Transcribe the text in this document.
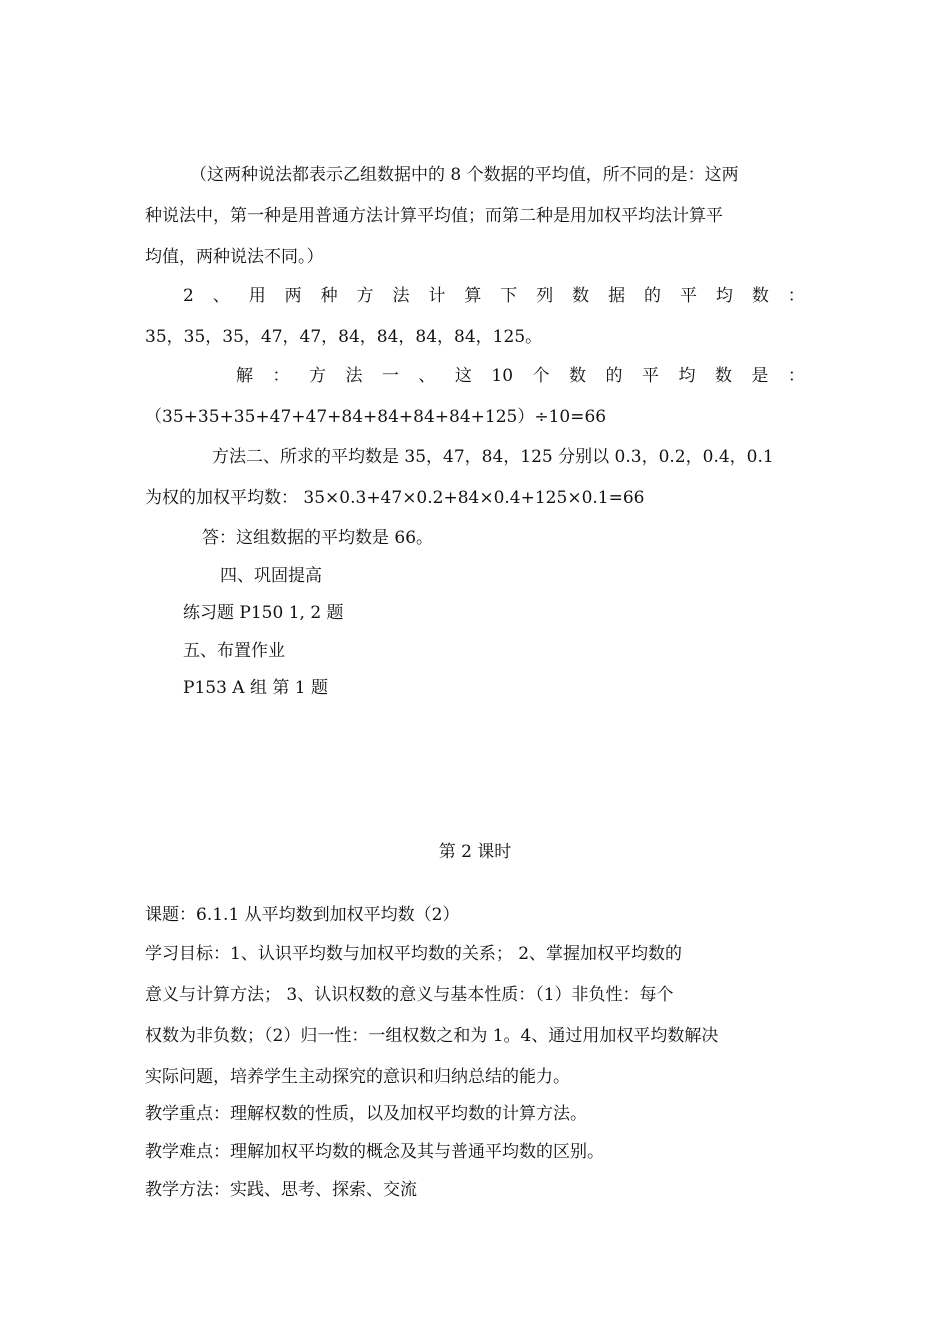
（这两种说法都表示乙组数据中的 8 个数据的平均值，所不同的是：这两
种说法中，第一种是用普通方法计算平均值；而第二种是用加权平均法计算平
均值，两种说法不同。）
2 、 用 两 种 方 法 计 算 下 列 数 据 的 平 均 数 ：
35，35，35，47，47，84，84，84，84，125。
解 ： 方 法 一 、 这 10 个 数 的 平 均 数 是 ：
（35+35+35+47+47+84+84+84+84+125）÷10=66
方法二、所求的平均数是 35，47，84，125 分别以 0.3，0.2，0.4，0.1
为权的加权平均数： 35×0.3+47×0.2+84×0.4+125×0.1=66
答：这组数据的平均数是 66。
四、巩固提高
练习题 P150 1, 2 题
五、布置作业
P153 A 组 第 1 题
第 2 课时
课题：6.1.1 从平均数到加权平均数（2）
学习目标：1、认识平均数与加权平均数的关系； 2、掌握加权平均数的
意义与计算方法； 3、认识权数的意义与基本性质：（1）非负性：每个
权数为非负数；（2）归一性：一组权数之和为 1。4、通过用加权平均数解决
实际问题，培养学生主动探究的意识和归纳总结的能力。
教学重点：理解权数的性质，以及加权平均数的计算方法。
教学难点：理解加权平均数的概念及其与普通平均数的区别。
教学方法：实践、思考、探索、交流
